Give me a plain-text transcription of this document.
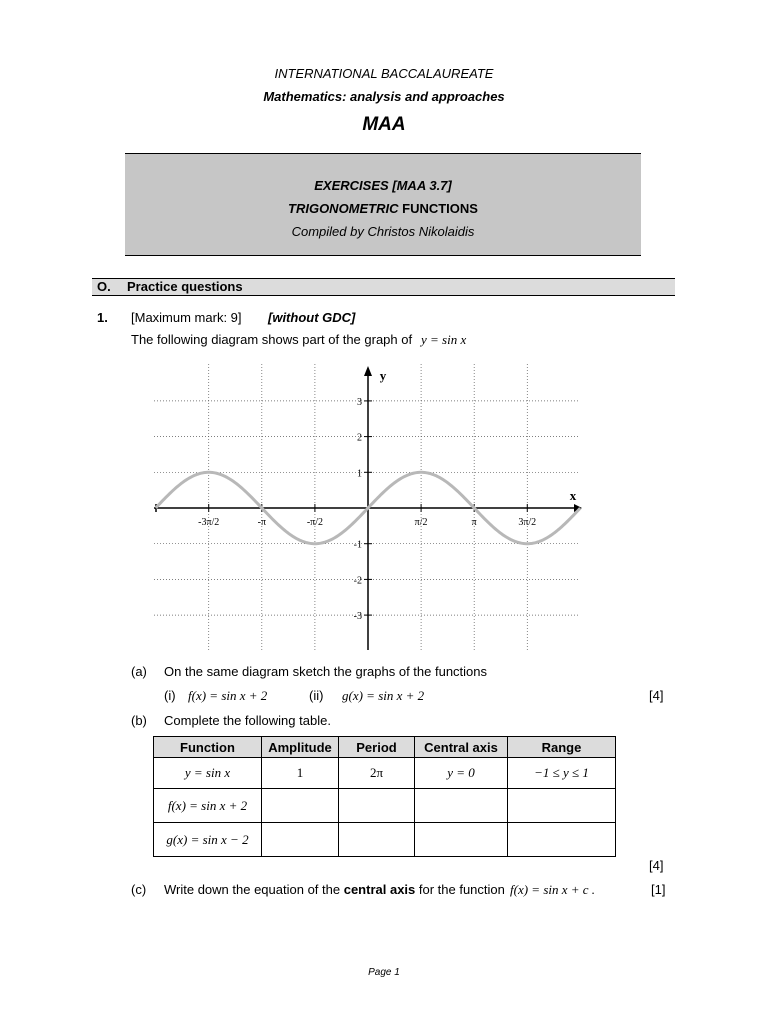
INTERNATIONAL BACCALAUREATE
Mathematics: analysis and approaches
MAA
EXERCISES [MAA 3.7]
TRIGONOMETRIC FUNCTIONS
Compiled by Christos Nikolaidis
O. Practice questions
1. [Maximum mark: 9] [without GDC]
The following diagram shows part of the graph of y = sin x
-3π/2	-π	-π/2	π/2	π	3π/2
3
2
1
-1
-2
-3
x
y
(a) On the same diagram sketch the graphs of the functions
(i) f(x) = sin x + 2	(ii) g(x) = sin x + 2	[4]
(b) Complete the following table.
Function	Amplitude	Period	Central axis	Range
y = sin x	1	2π	y = 0	−1 ≤ y ≤ 1
f(x) = sin x + 2				
g(x) = sin x − 2				
[4]
(c) Write down the equation of the central axis for the function f(x) = sin x + c .	[1]
Page 1
